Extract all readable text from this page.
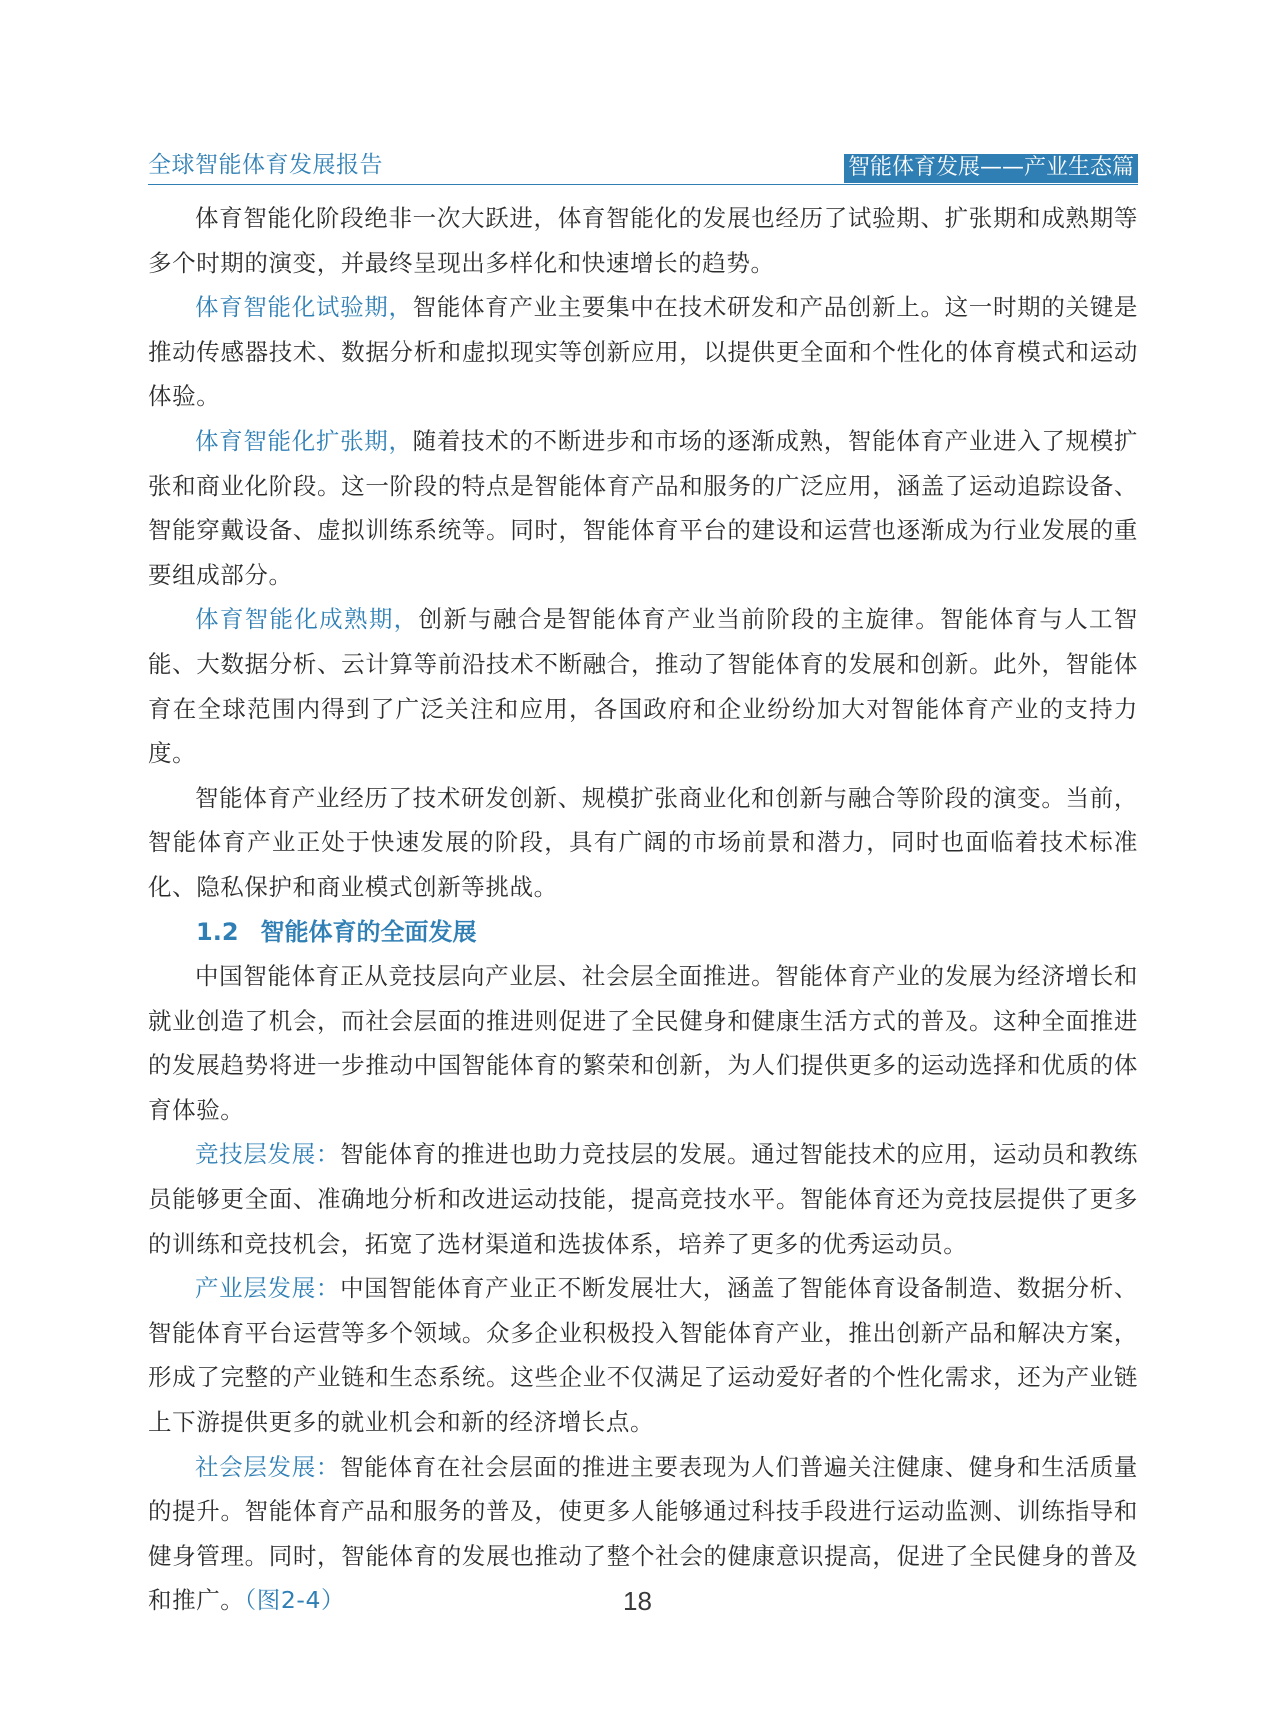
全球智能体育发展报告	智能体育发展——产业生态篇

体育智能化阶段绝非一次大跃进，体育智能化的发展也经历了试验期、扩张期和成熟期等多个时期的演变，并最终呈现出多样化和快速增长的趋势。

体育智能化试验期，智能体育产业主要集中在技术研发和产品创新上。这一时期的关键是推动传感器技术、数据分析和虚拟现实等创新应用，以提供更全面和个性化的体育模式和运动体验。

体育智能化扩张期，随着技术的不断进步和市场的逐渐成熟，智能体育产业进入了规模扩张和商业化阶段。这一阶段的特点是智能体育产品和服务的广泛应用，涵盖了运动追踪设备、智能穿戴设备、虚拟训练系统等。同时，智能体育平台的建设和运营也逐渐成为行业发展的重要组成部分。

体育智能化成熟期，创新与融合是智能体育产业当前阶段的主旋律。智能体育与人工智能、大数据分析、云计算等前沿技术不断融合，推动了智能体育的发展和创新。此外，智能体育在全球范围内得到了广泛关注和应用，各国政府和企业纷纷加大对智能体育产业的支持力度。

智能体育产业经历了技术研发创新、规模扩张商业化和创新与融合等阶段的演变。当前，智能体育产业正处于快速发展的阶段，具有广阔的市场前景和潜力，同时也面临着技术标准化、隐私保护和商业模式创新等挑战。

1.2 智能体育的全面发展

中国智能体育正从竞技层向产业层、社会层全面推进。智能体育产业的发展为经济增长和就业创造了机会，而社会层面的推进则促进了全民健身和健康生活方式的普及。这种全面推进的发展趋势将进一步推动中国智能体育的繁荣和创新，为人们提供更多的运动选择和优质的体育体验。

竞技层发展：智能体育的推进也助力竞技层的发展。通过智能技术的应用，运动员和教练员能够更全面、准确地分析和改进运动技能，提高竞技水平。智能体育还为竞技层提供了更多的训练和竞技机会，拓宽了选材渠道和选拔体系，培养了更多的优秀运动员。

产业层发展：中国智能体育产业正不断发展壮大，涵盖了智能体育设备制造、数据分析、智能体育平台运营等多个领域。众多企业积极投入智能体育产业，推出创新产品和解决方案，形成了完整的产业链和生态系统。这些企业不仅满足了运动爱好者的个性化需求，还为产业链上下游提供更多的就业机会和新的经济增长点。

社会层发展：智能体育在社会层面的推进主要表现为人们普遍关注健康、健身和生活质量的提升。智能体育产品和服务的普及，使更多人能够通过科技手段进行运动监测、训练指导和健身管理。同时，智能体育的发展也推动了整个社会的健康意识提高，促进了全民健身的普及和推广。（图2-4）	18
